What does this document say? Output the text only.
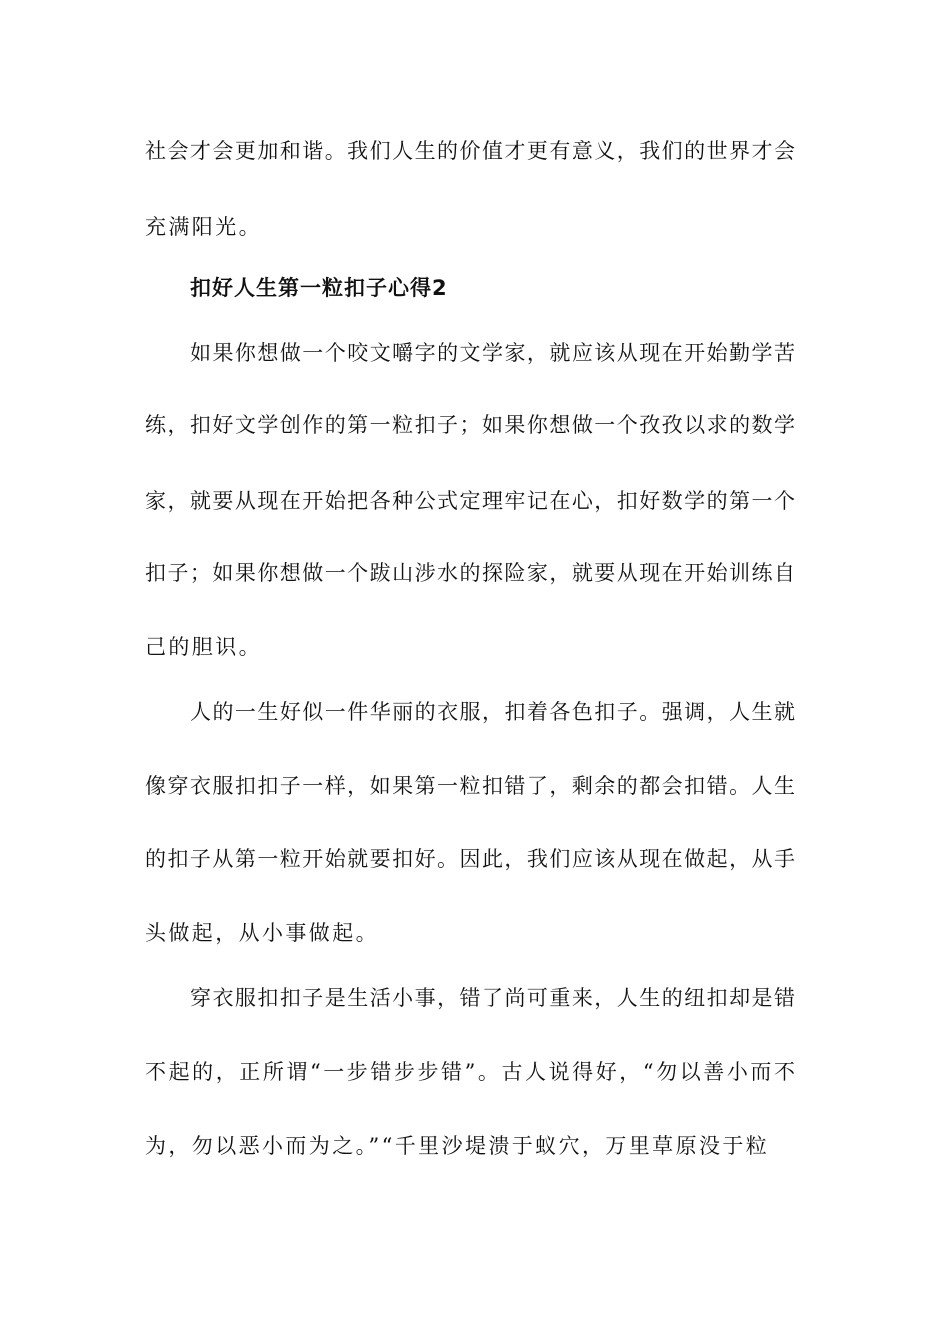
社会才会更加和谐。我们人生的价值才更有意义，我们的世界才会

充满阳光。

扣好人生第一粒扣子心得2

如果你想做一个咬文嚼字的文学家，就应该从现在开始勤学苦

练，扣好文学创作的第一粒扣子；如果你想做一个孜孜以求的数学

家，就要从现在开始把各种公式定理牢记在心，扣好数学的第一个

扣子；如果你想做一个跋山涉水的探险家，就要从现在开始训练自

己的胆识。

人的一生好似一件华丽的衣服，扣着各色扣子。强调，人生就

像穿衣服扣扣子一样，如果第一粒扣错了，剩余的都会扣错。人生

的扣子从第一粒开始就要扣好。因此，我们应该从现在做起，从手

头做起，从小事做起。

穿衣服扣扣子是生活小事，错了尚可重来，人生的纽扣却是错

不起的，正所谓“一步错步步错”。古人说得好，“勿以善小而不

为，勿以恶小而为之。”“千里沙堤溃于蚁穴，万里草原没于粒
